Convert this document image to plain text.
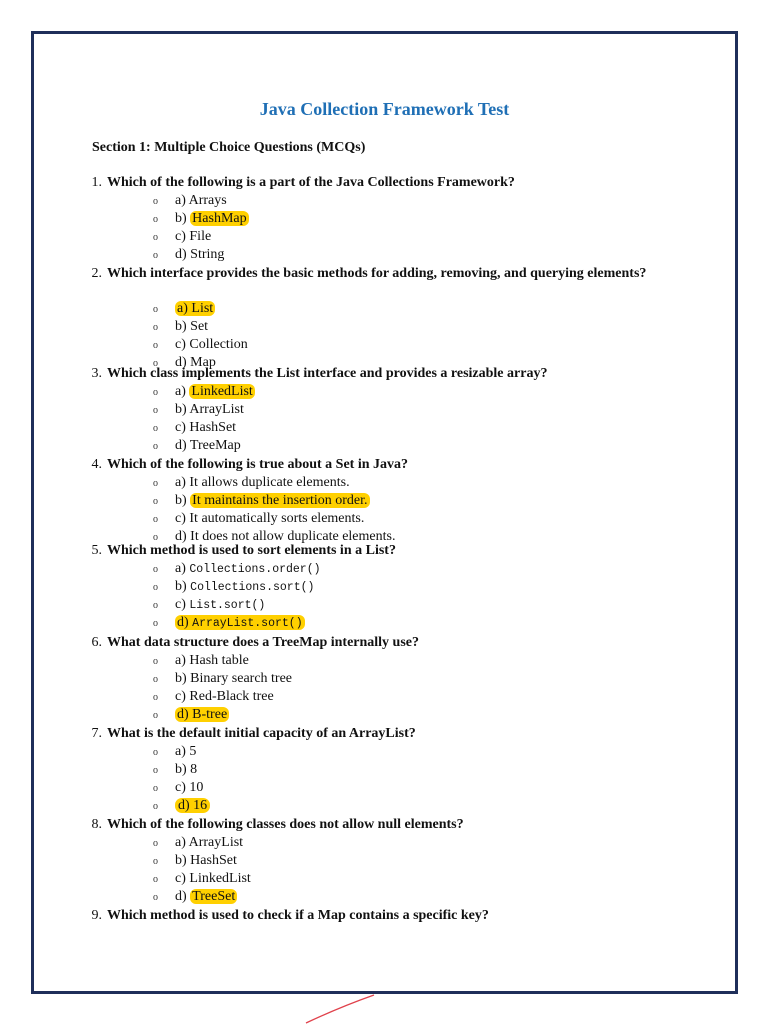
Java Collection Framework Test
Section 1: Multiple Choice Questions (MCQs)
1. Which of the following is a part of the Java Collections Framework?
o a) Arrays
o b) HashMap
o c) File
o d) String
2. Which interface provides the basic methods for adding, removing, and querying elements?
o a) List
o b) Set
o c) Collection
o d) Map
3. Which class implements the List interface and provides a resizable array?
o a) LinkedList
o b) ArrayList
o c) HashSet
o d) TreeMap
4. Which of the following is true about a Set in Java?
o a) It allows duplicate elements.
o b) It maintains the insertion order.
o c) It automatically sorts elements.
o d) It does not allow duplicate elements.
5. Which method is used to sort elements in a List?
o a) Collections.order()
o b) Collections.sort()
o c) List.sort()
o d) ArrayList.sort()
6. What data structure does a TreeMap internally use?
o a) Hash table
o b) Binary search tree
o c) Red-Black tree
o d) B-tree
7. What is the default initial capacity of an ArrayList?
o a) 5
o b) 8
o c) 10
o d) 16
8. Which of the following classes does not allow null elements?
o a) ArrayList
o b) HashSet
o c) LinkedList
o d) TreeSet
9. Which method is used to check if a Map contains a specific key?
